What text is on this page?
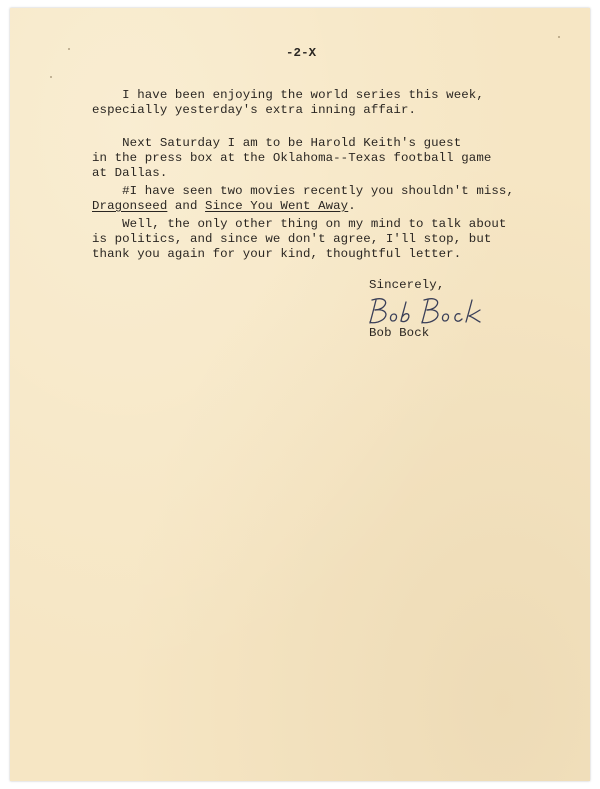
-2-X
I have been enjoying the world series this week,
especially yesterday's extra inning affair.
Next Saturday I am to be Harold Keith's guest
in the press box at the Oklahoma--Texas football game
at Dallas.
#I have seen two movies recently you shouldn't miss,
Dragonseed and Since You Went Away.
Well, the only other thing on my mind to talk about
is politics, and since we don't agree, I'll stop, but
thank you again for your kind, thoughtful letter.
Sincerely,
Bob Bock
